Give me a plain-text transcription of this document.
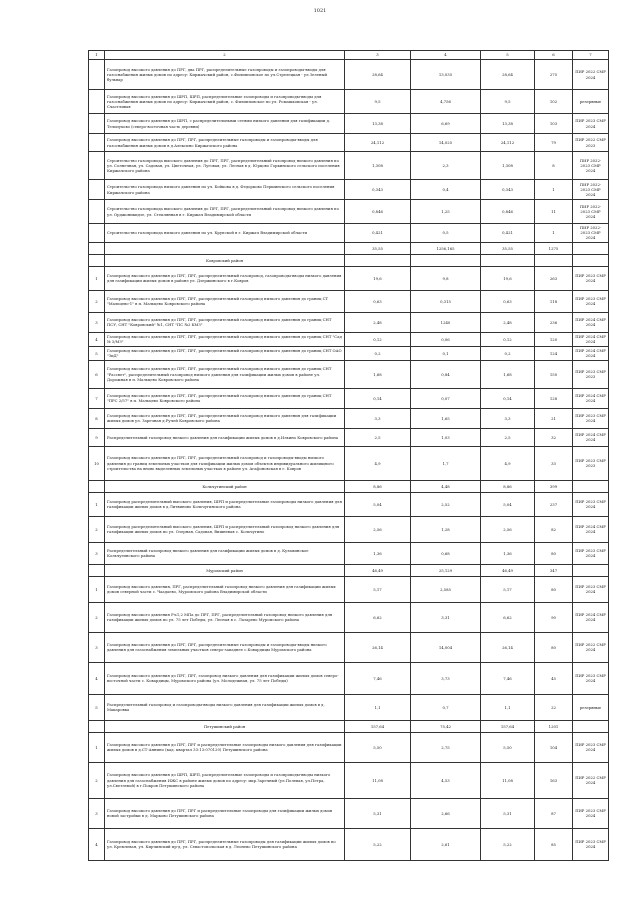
1021
1	2	3	4	5	6	7
	Газопровод высокого давления до ПРГ, два ПРГ, распределительные газопроводы и газопроводы-вводы для газоснабжения жилых домов по адресу: Киржачский район, с.Филипповское по ул.Стрелецкая - ул.Зеленый бульвар	28,64	13,035	28,64	275	ПИР 2022 СМР 2024
	Газопровод высокого давления до ШРП, ШРП, распределительные газопроводы и газопроводы-вводы для газоснабжения жилых домов по адресу: Киржачский район, с. Филипповское по ул. Ромашковская - ул. Счастливая	9,5	4,756	9,5	102	резервные
	Газопровод высокого давления до ШРП, с распределительными сетями низкого давления для газификации д. Тельпухово (северо-восточная часть деревни)	13,38	6,69	13,38	103	ПИР 2023 СМР 2024
	Газопровод высокого давления до ПРГ, ПРГ, распределительные газопроводы и газопроводы-вводы для газоснабжения жилых домов в д.Алексино Киржачского района	24,112	14,025	24,112	79	ПИР 2022 СМР 2023
	Строительство газопровода высокого давления до ПРГ, ПРГ, распределительный газопровод низкого давления по ул. Солнечная, ул. Садовая, ул. Цветочная, ул. Луговая, ул. Лесная в д. Юрцово Горкинского сельского поселения Киржачского района	1,308	2,3	1,308	8	ПИР 2022- 2023 СМР 2024
	Строительство газопровода низкого давления по ул. Бойкова в д. Федорково Першинского сельского поселения Киржачского района	0,343	0,4	0,343	1	ПИР 2022- 2023 СМР 2024
	Строительство газопровода высокого давления до ПРГ, ПРГ, распределительный газопровод низкого давления по ул. Орджоникидзе, ул. Стеклянная в г. Киржач Владимирской области	0,846	1,25	0,846	11	ПИР 2022- 2023 СМР 2024
	Строительство газопровода низкого давления по ул. Крупской в г. Киржач Владимирской области	0,421	0,5	0,421	1	ПИР 2022- 2023 СМР 2024
		35,55	1256,165	35,55	1275	
	Ковровский район					
1	Газопровод высокого давления до ПРГ, ПРГ, распределительный газопровод, газопроводы-вводы низкого давления для газификации жилых домов в районе ул. Дзержинского в г.Ковров	19,6	9,8	19,6	263	ПИР 2023 СМР 2024
2	Газопровод высокого давления до ПРГ, ПРГ, распределительный газопровод низкого давления до границ СТ "Мальцево-1" в п. Мальцево Ковровского района	0,63	0,315	0,63	118	ПИР 2023 СМР 2024
3	Газопровод высокого давления до ПРГ, ПРГ, распределительный газопровод низкого давления до границ СНТ ПСУ, СНТ "Ковровский" №1, СНТ "ПС №2 КМЗ"	2,48	1240	2,48	236	ПИР 2024 СМР 2024
4	Газопровод высокого давления до ПРГ, ПРГ, распределительный газопровод низкого давления до границ СНТ "Сад № 3/МЗ"	0,12	0,06	0,12	120	ПИР 2024 СМР 2024
5	Газопровод высокого давления до ПРГ, ПРГ, распределительный газопровод низкого давления до границ СНТ ОАО "ЗиД"	0,2	0,1	0,2	124	ПИР 2024 СМР 2024
6	Газопровод высокого давления до ПРГ, ПРГ, распределительный газопровод низкого давления до границ СНТ "Рассвет", распределительный газопровод низкого давления для газификации жилых домов в районе ул. Дорожная в п. Мальцево Ковровского района	1,68	0,84	1,68	150	ПИР 2023 СМР 2023
7	Газопровод высокого давления до ПРГ, ПРГ, распределительный газопровод низкого давления до границ СНТ "ПРС 2/57" в п. Мальцево Ковровского района	0,14	0,07	0,14	128	ПИР 2024 СМР 2024
8	Газопровод высокого давления до ПРГ, ПРГ, распределительный газопровод низкого давления для газификации жилых домов ул. Заречная д.Ручей Ковровского района	3,3	1,65	3,3	21	ПИР 2023 СМР 2024
9	Распределительный газопровод низкого давления для газификации жилых домов в д.Ильино Ковровского района	2,5	1,03	2,5	32	ПИР 2024 СМР 2024
10	Газопровод высокого давления до ПРГ, ПРГ, распределительный газопровод и газопроводы-вводы низкого давления до границ земельных участков для газификации жилых домов объектов индивидуального жилищного строительства на вновь выделенных земельных участках в районе ул. Агафоновская в г. Ковров	4,9	1,7	4,9	33	ПИР 2023 СМР 2023
	Кольчугинский район	8,86	4,48	8,86	399	
1	Газопровод распределительный высокого давления, ШРП и распределительные газопроводы низкого давления для газификации жилых домов в д.Литвиново Кольчугинского района	5,04	2,52	5,04	237	ПИР 2023 СМР 2024
2	Газопровод распределительный высокого давления, ШРП и распределительный газопровод низкого давления для газификации жилых домов по ул. Озерная, Садовая, Вишневая с. Кольчугино	2,56	1,28	2,56	82	ПИР 2024 СМР 2024
3	Распределительный газопровод низкого давления для газификации жилых домов в д. Кузьминское Кольчугинского района	1,36	0,68	1,36	80	ПИР 2023 СМР 2024
	Муромский район	46,49	25,129	46,49	347	
1	Газопровод высокого давления, ПРГ, распределительный газопровод низкого давления для газификации жилых домов северной части с. Чаадаево, Муромского района Владимирской области	5,17	2,585	5,17	80	ПИР 2023 СМР 2024
2	Газопровод высокого давления Р≤1,2 МПа до ПРГ, ПРГ, распределительный газопровод низкого давления для газификации жилых домов по ул. 75 лет Победы, ул. Лесная в с. Лазарево Муромского района	6,62	3,31	6,62	90	ПИР 2024 СМР 2024
3	Газопровод высокого давления до ПРГ, ПРГ, распределительные газопроводы и газопроводы-вводы низкого давления для газоснабжения земельных участков северо-западнее с.Ковардицы Муромского района	26,14	14,004	26,14	80	ПИР 2022 СМР 2024
4	Газопровод высокого давления до ПРГ, ПРГ, газопровод низкого давления для газификации жилых домов северо-восточной части с. Ковардицы, Муромского района (ул. Молодежная, ул. 75 лет Победы)	7,46	3,73	7,46	45	ПИР 2023 СМР 2024
5	Распределительный газопровод и газопроводы-вводы низкого давления для газификации жилых домов в д. Макаровка	1,1	0,7	1,1	22	резервные
	Петушинский район	157,64	75,42	157,64	1201	
1	Газопровод высокого давления до ПРГ, ПРГ и распределительные газопроводы низкого давления для газификации жилых домов в д.СТ-Аннино (кад. квартал 33:13:070120) Петушинского района	5,50	2,75	5,50	104	ПИР 2023 СМР 2024
2	Газопровод высокого давления до ШРП, ШРП, распределительные газопроводы и газопроводы-вводы низкого давления для газоснабжения ИЖС в районе жилых домов по адресу: мкр.Заречный (ул.Полевая, ул.Петра, ул.Светлевой) в г.Покров Петушинского района	11,08	4,53	11,08	163	ПИР 2022 СМР 2024
3	Газопровод высокого давления до ПРГ, ПРГ и распределительные газопроводы для газификации жилых домов новой застройки в д. Марково Петушинского района	5,31	2,66	5,31	87	ПИР 2023 СМР 2024
4	Газопровод высокого давления до ПРГ, ПРГ, распределительные газопроводы для газификации жилых домов по ул. Кремлевая, ул. Кирчинский пр-д, ул. Севастопольская в д. Леонево Петушинского района	5,22	2,61	5,22	85	ПИР 2023 СМР 2024
